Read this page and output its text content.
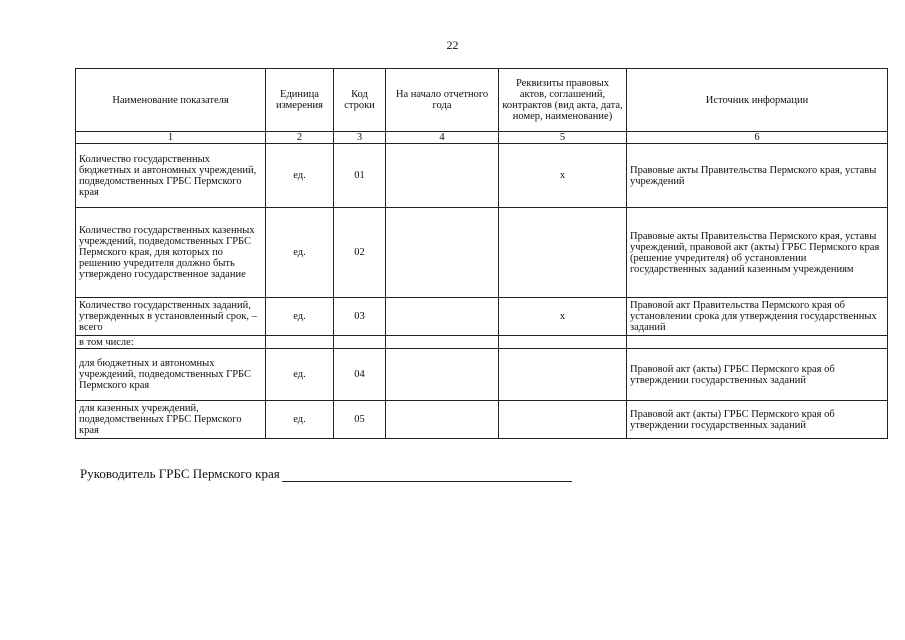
22
Наименование показателя	Единица измерения	Код строки	На начало отчетного года	Реквизиты правовых актов, соглашений, контрактов (вид акта, дата, номер, наименование)	Источник информации
1	2	3	4	5	6
Количество государственных бюджетных и автономных учреждений, подведомственных ГРБС Пермского края	ед.	01		х	Правовые акты Правительства Пермского края, уставы учреждений
Количество государственных казенных учреждений, подведомственных ГРБС Пермского края, для которых по решению учредителя должно быть утверждено государственное задание	ед.	02			Правовые акты Правительства Пермского края, уставы учреждений, правовой акт (акты) ГРБС Пермского края (решение учредителя) об установлении государственных заданий казенным учреждениям
Количество государственных заданий, утвержденных в установленный срок, – всего	ед.	03		х	Правовой акт Правительства Пермского края об установлении срока для утверждения государственных заданий
в том числе:					
для бюджетных и автономных учреждений, подведомственных ГРБС Пермского края	ед.	04			Правовой акт (акты) ГРБС Пермского края об утверждении государственных заданий
для казенных учреждений, подведомственных ГРБС Пермского края	ед.	05			Правовой акт (акты) ГРБС Пермского края об утверждении государственных заданий
Руководитель ГРБС Пермского края
